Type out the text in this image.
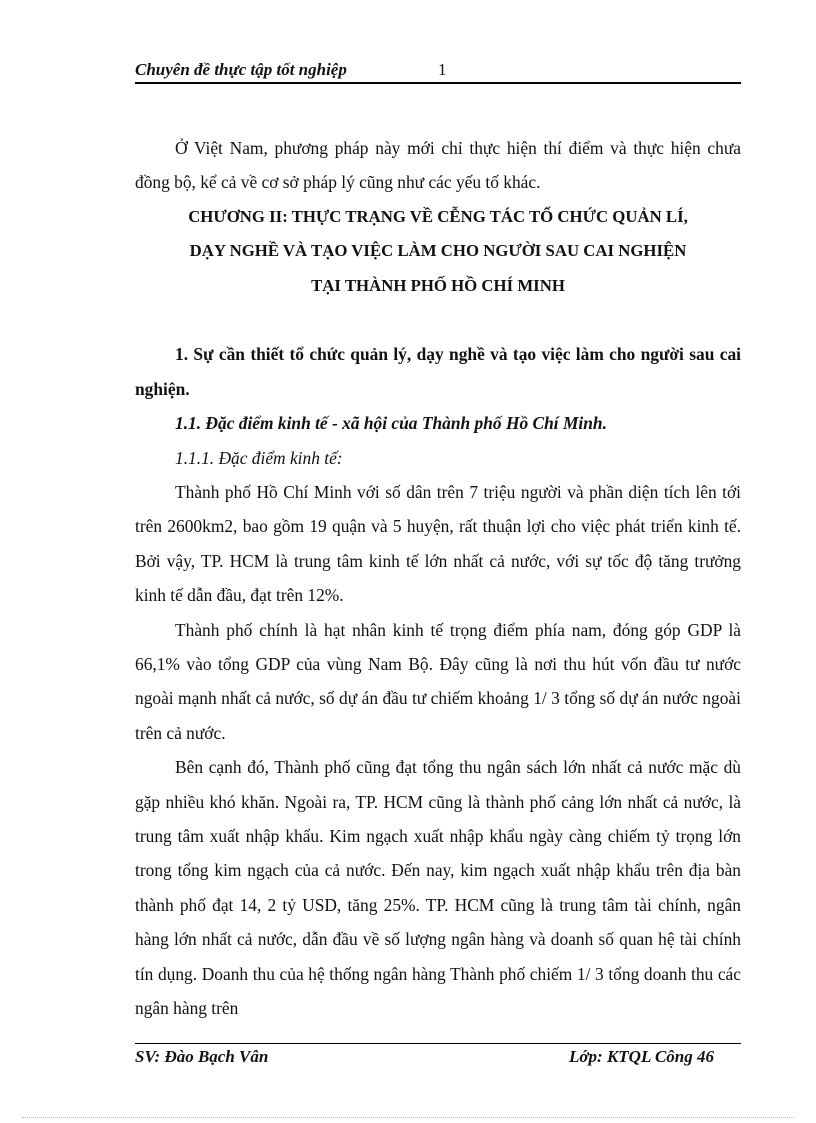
Chuyên đề thực tập tốt nghiệp	1

Ở Việt Nam, phương pháp này mới chỉ thực hiện thí điểm và thực hiện chưa đồng bộ, kể cả về cơ sở pháp lý cũng như các yếu tố khác.

CHƯƠNG II: THỰC TRẠNG VỀ CỄNG TÁC TỔ CHỨC QUẢN LÍ,

DẠY NGHỀ VÀ TẠO VIỆC LÀM CHO NGƯỜI SAU CAI NGHIỆN

TẠI THÀNH PHỐ HỒ CHÍ MINH

1. Sự cần thiết tổ chức quản lý, dạy nghề và tạo việc làm cho người sau cai nghiện.

1.1. Đặc điểm kinh tế - xã hội của Thành phố Hồ Chí Minh.

1.1.1. Đặc điểm kinh tế:

Thành phố Hồ Chí Minh với số dân trên 7 triệu người và phần diện tích lên tới trên 2600km2, bao gồm 19 quận và 5 huyện, rất thuận lợi cho việc phát triển kinh tế. Bởi vậy, TP. HCM là trung tâm kinh tế lớn nhất cả nước, với sự tốc độ tăng trưởng kinh tế dẫn đầu, đạt trên 12%.

Thành phố chính là hạt nhân kinh tế trọng điểm phía nam, đóng góp GDP là 66,1% vào tổng GDP của vùng Nam Bộ. Đây cũng là nơi thu hút vốn đầu tư nước ngoài mạnh nhất cả nước, số dự án đầu tư chiếm khoảng 1/ 3 tổng số dự án nước ngoài trên cả nước.

Bên cạnh đó, Thành phố cũng đạt tổng thu ngân sách lớn nhất cả nước mặc dù gặp nhiều khó khăn. Ngoài ra, TP. HCM cũng là thành phố cảng lớn nhất cả nước, là trung tâm xuất nhập khẩu. Kim ngạch xuất nhập khẩu ngày càng chiếm tỷ trọng lớn trong tổng kim ngạch của cả nước. Đến nay, kim ngạch xuất nhập khẩu trên địa bàn thành phố đạt 14, 2 tỷ USD, tăng 25%. TP. HCM cũng là trung tâm tài chính, ngân hàng lớn nhất cả nước, dẫn đầu về số lượng ngân hàng và doanh số quan hệ tài chính tín dụng. Doanh thu của hệ thống ngân hàng Thành phố chiếm 1/ 3 tổng doanh thu các ngân hàng trên

SV: Đào Bạch Vân	Lớp: KTQL Công 46
